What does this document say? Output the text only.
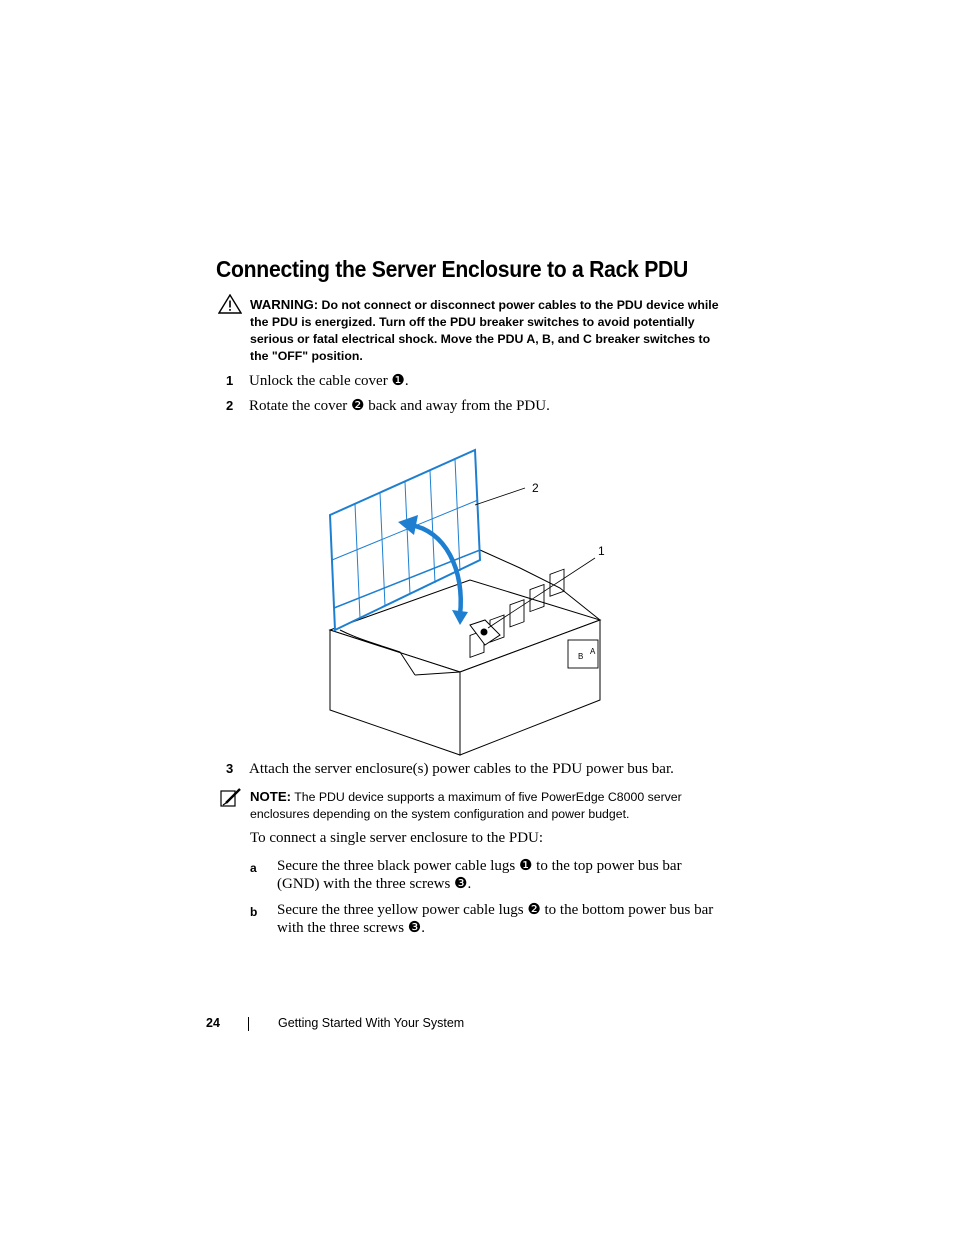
Connecting the Server Enclosure to a Rack PDU
WARNING: Do not connect or disconnect power cables to the PDU device while the PDU is energized. Turn off the PDU breaker switches to avoid potentially serious or fatal electrical shock. Move the PDU A, B, and C breaker switches to the "OFF" position.
1 Unlock the cable cover ❶.
2 Rotate the cover ❷ back and away from the PDU.
B
A
2
1
3 Attach the server enclosure(s) power cables to the PDU power bus bar.
NOTE: The PDU device supports a maximum of five PowerEdge C8000 server enclosures depending on the system configuration and power budget.
To connect a single server enclosure to the PDU:
a Secure the three black power cable lugs ❶ to the top power bus bar (GND) with the three screws ❸.
b Secure the three yellow power cable lugs ❷ to the bottom power bus bar with the three screws ❸.
24	Getting Started With Your System
